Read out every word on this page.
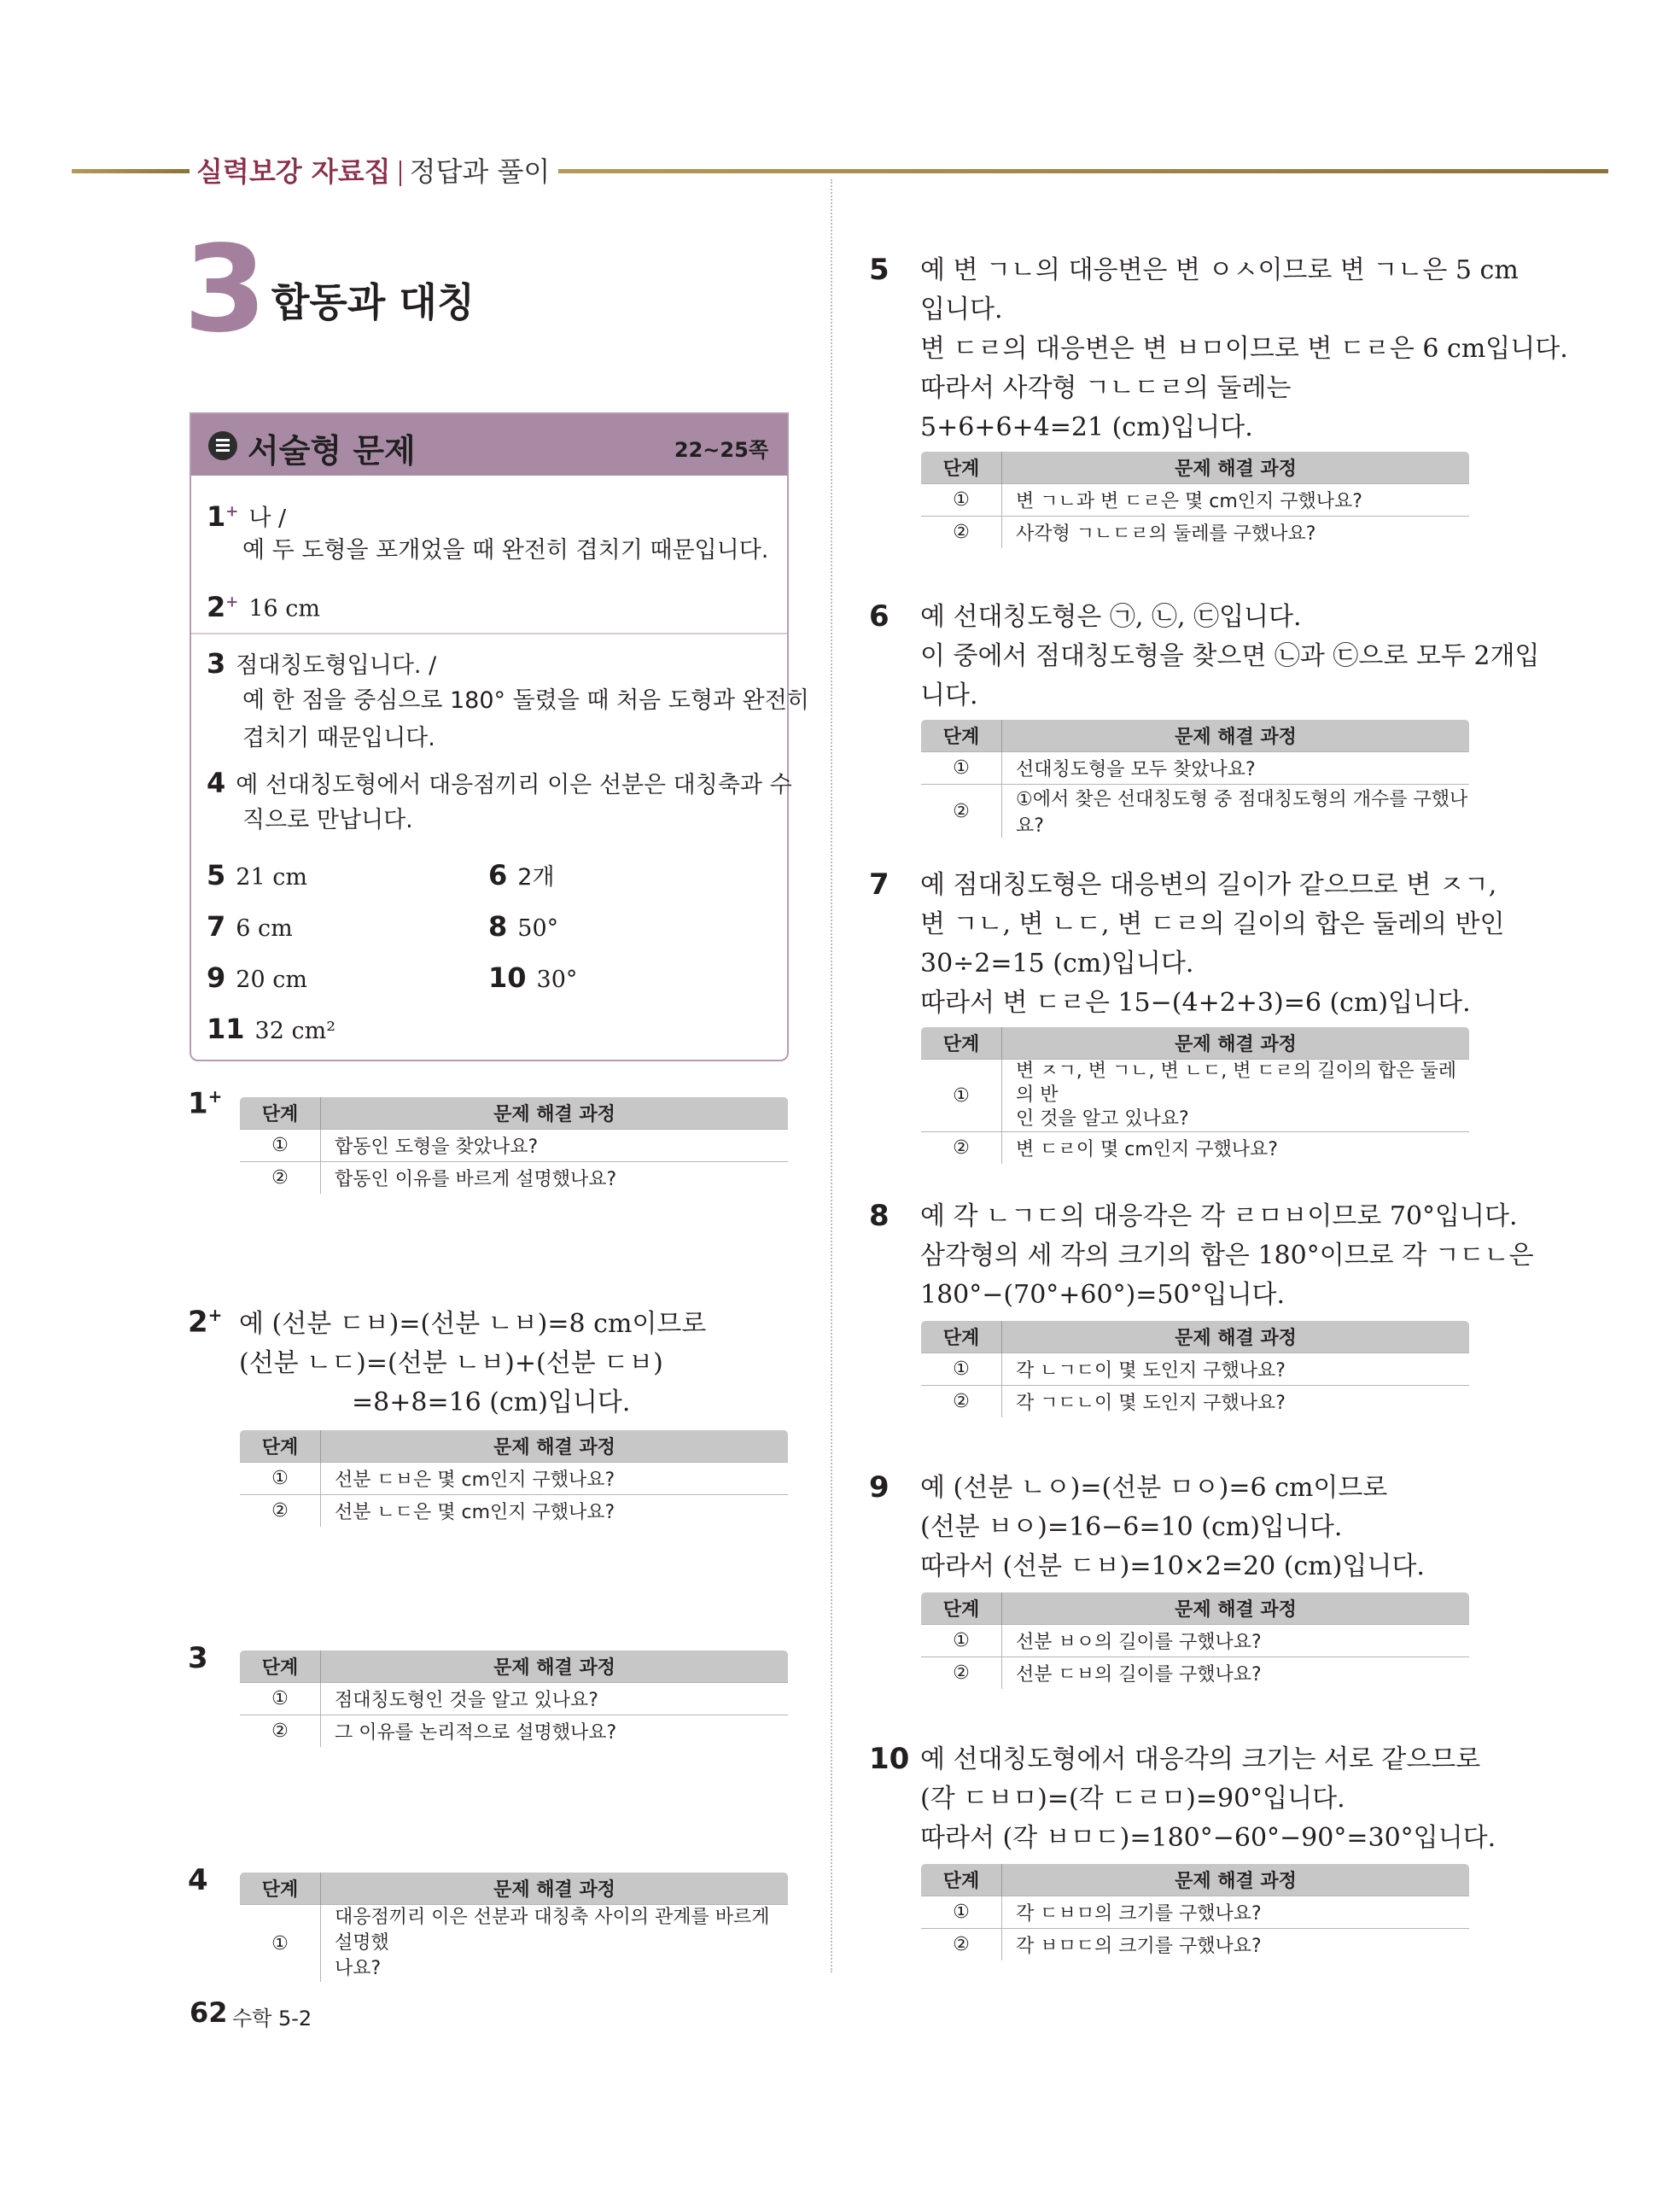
실력보강 자료집 정답과 풀이
3 합동과 대칭
서술형 문제	22~25쪽
1+ 나 /
예 두 도형을 포개었을 때 완전히 겹치기 때문입니다.
2+ 16 cm
3 점대칭도형입니다. /
예 한 점을 중심으로 180° 돌렸을 때 처음 도형과 완전히
겹치기 때문입니다.
4 예 선대칭도형에서 대응점끼리 이은 선분은 대칭축과 수
직으로 만납니다.
5 21 cm	6 2개
7 6 cm	8 50°
9 20 cm	10 30°
11 32 cm²
1+
단계	문제 해결 과정
①	합동인 도형을 찾았나요?
②	합동인 이유를 바르게 설명했나요?
2+ 예 (선분 ㄷㅂ)=(선분 ㄴㅂ)=8 cm이므로
(선분 ㄴㄷ)=(선분 ㄴㅂ)+(선분 ㄷㅂ)
=8+8=16 (cm)입니다.
단계	문제 해결 과정
①	선분 ㄷㅂ은 몇 cm인지 구했나요?
②	선분 ㄴㄷ은 몇 cm인지 구했나요?
3	단계	문제 해결 과정
①	점대칭도형인 것을 알고 있나요?
②	그 이유를 논리적으로 설명했나요?
4	단계	문제 해결 과정
①	대응점끼리 이은 선분과 대칭축 사이의 관계를 바르게 설명했
나요?
5 예 변 ㄱㄴ의 대응변은 변 ㅇㅅ이므로 변 ㄱㄴ은 5 cm
입니다.
변 ㄷㄹ의 대응변은 변 ㅂㅁ이므로 변 ㄷㄹ은 6 cm입니다.
따라서 사각형 ㄱㄴㄷㄹ의 둘레는
5+6+6+4=21 (cm)입니다.
단계	문제 해결 과정
①	변 ㄱㄴ과 변 ㄷㄹ은 몇 cm인지 구했나요?
②	사각형 ㄱㄴㄷㄹ의 둘레를 구했나요?
6 예 선대칭도형은 ㉠, ㉡, ㉢입니다.
이 중에서 점대칭도형을 찾으면 ㉡과 ㉢으로 모두 2개입
니다.
단계	문제 해결 과정
①	선대칭도형을 모두 찾았나요?
②	①에서 찾은 선대칭도형 중 점대칭도형의 개수를 구했나요?
7 예 점대칭도형은 대응변의 길이가 같으므로 변 ㅈㄱ,
변 ㄱㄴ, 변 ㄴㄷ, 변 ㄷㄹ의 길이의 합은 둘레의 반인
30÷2=15 (cm)입니다.
따라서 변 ㄷㄹ은 15−(4+2+3)=6 (cm)입니다.
단계	문제 해결 과정
①	변 ㅈㄱ, 변 ㄱㄴ, 변 ㄴㄷ, 변 ㄷㄹ의 길이의 합은 둘레의 반
인 것을 알고 있나요?
②	변 ㄷㄹ이 몇 cm인지 구했나요?
8 예 각 ㄴㄱㄷ의 대응각은 각 ㄹㅁㅂ이므로 70°입니다.
삼각형의 세 각의 크기의 합은 180°이므로 각 ㄱㄷㄴ은
180°−(70°+60°)=50°입니다.
단계	문제 해결 과정
①	각 ㄴㄱㄷ이 몇 도인지 구했나요?
②	각 ㄱㄷㄴ이 몇 도인지 구했나요?
9 예 (선분 ㄴㅇ)=(선분 ㅁㅇ)=6 cm이므로
(선분 ㅂㅇ)=16−6=10 (cm)입니다.
따라서 (선분 ㄷㅂ)=10×2=20 (cm)입니다.
단계	문제 해결 과정
①	선분 ㅂㅇ의 길이를 구했나요?
②	선분 ㄷㅂ의 길이를 구했나요?
10 예 선대칭도형에서 대응각의 크기는 서로 같으므로
(각 ㄷㅂㅁ)=(각 ㄷㄹㅁ)=90°입니다.
따라서 (각 ㅂㅁㄷ)=180°−60°−90°=30°입니다.
단계	문제 해결 과정
①	각 ㄷㅂㅁ의 크기를 구했나요?
②	각 ㅂㅁㄷ의 크기를 구했나요?
62 수학 5-2
